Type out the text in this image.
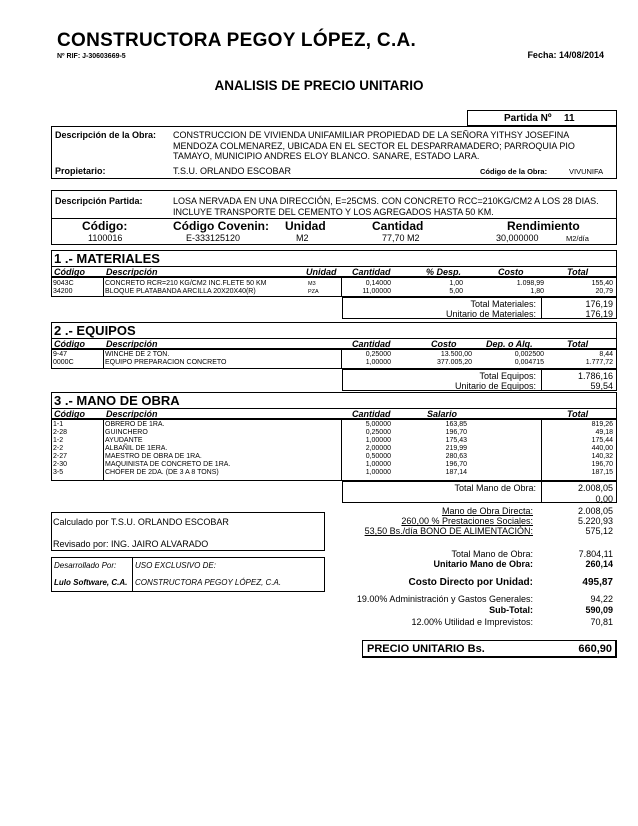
CONSTRUCTORA PEGOY LÓPEZ, C.A.
Nº RIF: J-30603669-5	Fecha: 14/08/2014
ANALISIS DE PRECIO UNITARIO
Partida Nº 11
Descripción de la Obra: CONSTRUCCION DE VIVIENDA UNIFAMILIAR PROPIEDAD DE LA SEÑORA YITHSY JOSEFINA MENDOZA COLMENAREZ, UBICADA EN EL SECTOR EL DESPARRAMADERO; PARROQUIA PIO TAMAYO, MUNICIPIO ANDRES ELOY BLANCO. SANARE, ESTADO LARA.
Propietario:	T.S.U. ORLANDO ESCOBAR	Código de la Obra:	VIVUNIFA
Descripción Partida:	LOSA NERVADA EN UNA DIRECCIÓN, E=25CMS. CON CONCRETO RCC=210KG/CM2 A LOS 28 DIAS. INCLUYE TRANSPORTE DEL CEMENTO Y LOS AGREGADOS HASTA 50 KM.
Código:	Código Covenin: Unidad	Cantidad	Rendimiento
1100016	E-333125120	M2	77,70 M2	30,000000	M2/día
1 .- MATERIALES
Código Descripción	Unidad Cantidad	% Desp.	Costo	Total
9043C	CONCRETO RCR=210 KG/CM2 INC.FLETE 50 KM	M3	0,14000	1,00	1.098,99	155,40
34200	BLOQUE PLATABANDA ARCILLA 20X20X40(R)	PZA	11,00000	5,00	1,80	20,79
Total Materiales:	176,19
Unitario de Materiales:	176,19
2 .- EQUIPOS
Código Descripción	Cantidad	Costo	Dep. o Alq.	Total
9-47	WINCHE DE 2 TON.	0,25000	13.500,00	0,002500	8,44
0000C	EQUIPO PREPARACION CONCRETO	1,00000	377.005,20	0,004715	1.777,72
Total Equipos:	1.786,16
Unitario de Equipos:	59,54
3 .- MANO DE OBRA
Código Descripción	Cantidad	Salario	Total
1-1	OBRERO DE 1RA.	5,00000	163,85	819,26
2-28	GUINCHERO	0,25000	196,70	49,18
1-2	AYUDANTE	1,00000	175,43	175,44
2-2	ALBAÑIL DE 1ERA.	2,00000	219,99	440,00
2-27	MAESTRO DE OBRA DE 1RA.	0,50000	280,63	140,32
2-30	MAQUINISTA DE CONCRETO DE 1RA.	1,00000	196,70	196,70
3-5	CHOFER DE 2DA. (DE 3 A 8 TONS)	1,00000	187,14	187,15
Total Mano de Obra:	2.008,05
0,00
Mano de Obra Directa:	2.008,05
260,00 % Prestaciones Sociales:	5.220,93
53,50 Bs./día BONO DE ALIMENTACIÓN:	575,12
Calculado por T.S.U. ORLANDO ESCOBAR
Revisado por: ING. JAIRO ALVARADO
Total Mano de Obra:	7.804,11
Unitario Mano de Obra:	260,14
Desarrollado Por: USO EXCLUSIVO DE:
Lulo Software, C.A. CONSTRUCTORA PEGOY LÓPEZ, C.A.	Costo Directo por Unidad:	495,87
19.00% Administración y Gastos Generales:	94,22
Sub-Total:	590,09
12.00% Utilidad e Imprevistos:	70,81
PRECIO UNITARIO Bs.	660,90
